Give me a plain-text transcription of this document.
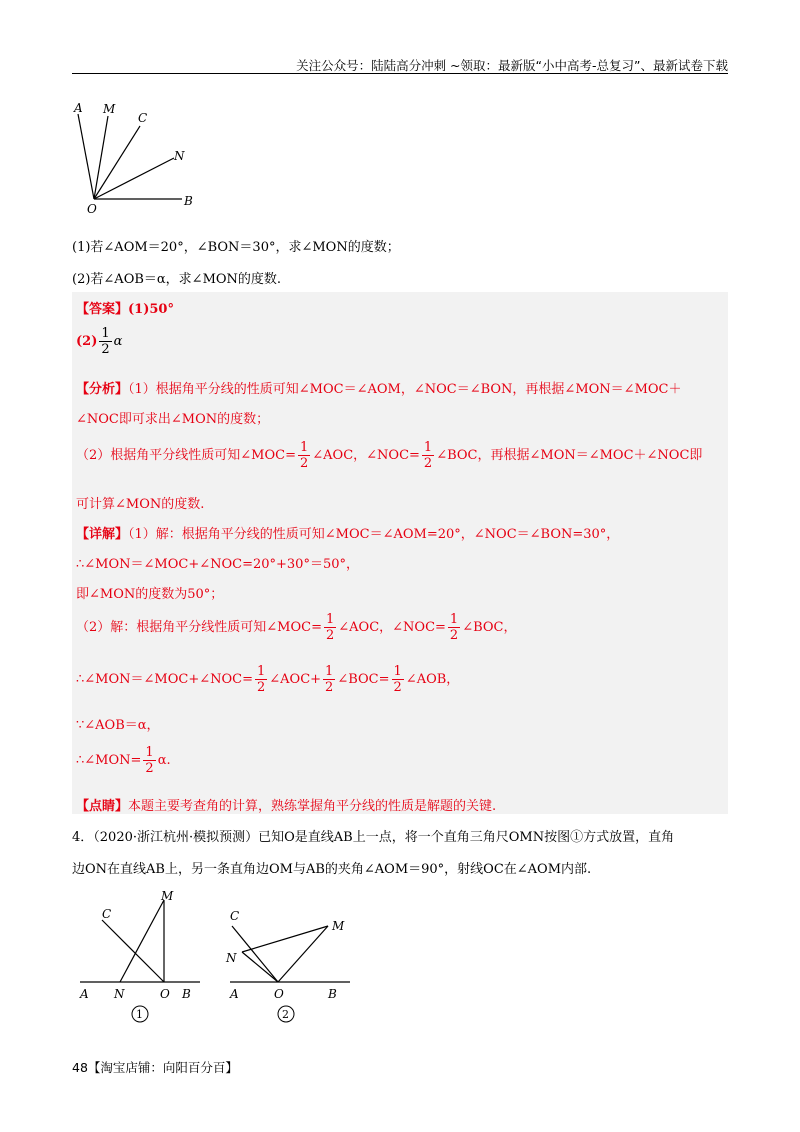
关注公众号：陆陆高分冲刺 ~领取：最新版“小中高考-总复习”、最新试卷下载
A M
C
N
O
B
(1)若∠AOM＝20°，∠BON＝30°，求∠MON的度数；
(2)若∠AOB＝α，求∠MON的度数.
【答案】(1)50°
$(2) \frac{1}{2}$ α
【分析】（1）根据角平分线的性质可知∠MOC＝∠AOM，∠NOC＝∠BON，再根据∠MON＝∠MOC＋
∠NOC即可求出∠MON的度数；
（2）根据角平分线性质可知∠MOC= $\frac{1}{2}$ ∠AOC，∠NOC= $\frac{1}{2}$ ∠BOC，再根据∠MON＝∠MOC＋∠NOC即
可计算∠MON的度数.
【详解】（1）解：根据角平分线的性质可知∠MOC＝∠AOM=20°，∠NOC＝∠BON=30°，
∴∠MON＝∠MOC+∠NOC=20°+30°＝50°，
即∠MON的度数为50°；
（2）解：根据角平分线性质可知∠MOC= $\frac{1}{2}$ ∠AOC，∠NOC= $\frac{1}{2}$ ∠BOC，
∴∠MON＝∠MOC+∠NOC= $\frac{1}{2}$ ∠AOC+ $\frac{1}{2}$ ∠BOC= $\frac{1}{2}$ ∠AOB，
∵∠AOB＝α，
∴∠MON= $\frac{1}{2} \alpha$.
【点睛】本题主要考查角的计算，熟练掌握角平分线的性质是解题的关键.
4．（2020·浙江杭州·模拟预测）已知O是直线AB上一点，将一个直角三角尺OMN按图①方式放置，直角
边ON在直线AB上，另一条直角边OM与AB的夹角∠AOM＝90°，射线OC在∠AOM内部.
C
M
A N	O B
1
C
M
N
A	O	B
2
48【淘宝店铺：向阳百分百】
